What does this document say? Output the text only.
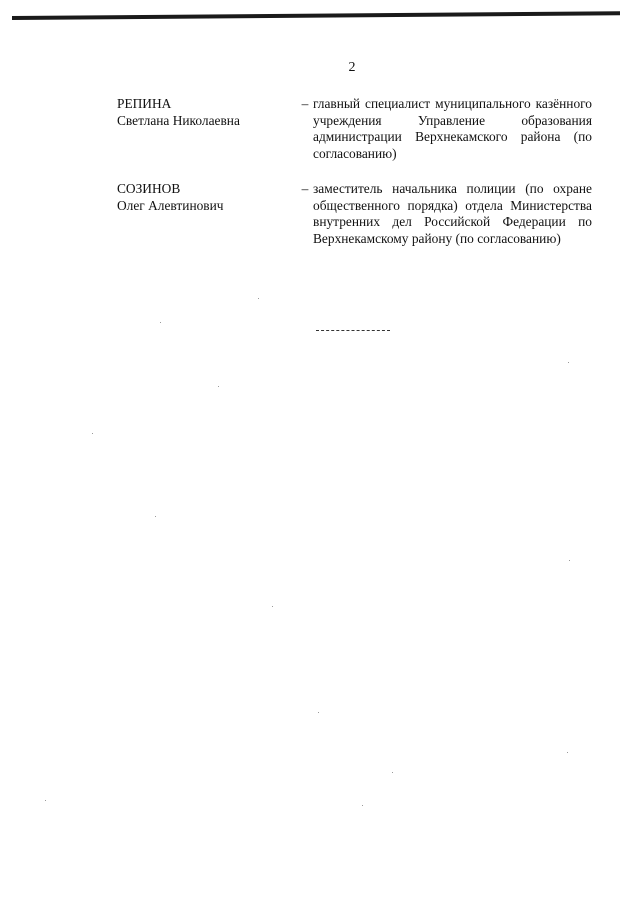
2
РЕПИНА
Светлана Николаевна
– главный специалист муниципального казённого учреждения Управление образования администрации Верхнекамского района (по согласованию)
СОЗИНОВ
Олег Алевтинович
– заместитель начальника полиции (по охране общественного порядка) отдела Министерства внутренних дел Российской Федерации по Верхнекамскому району (по согласованию)
